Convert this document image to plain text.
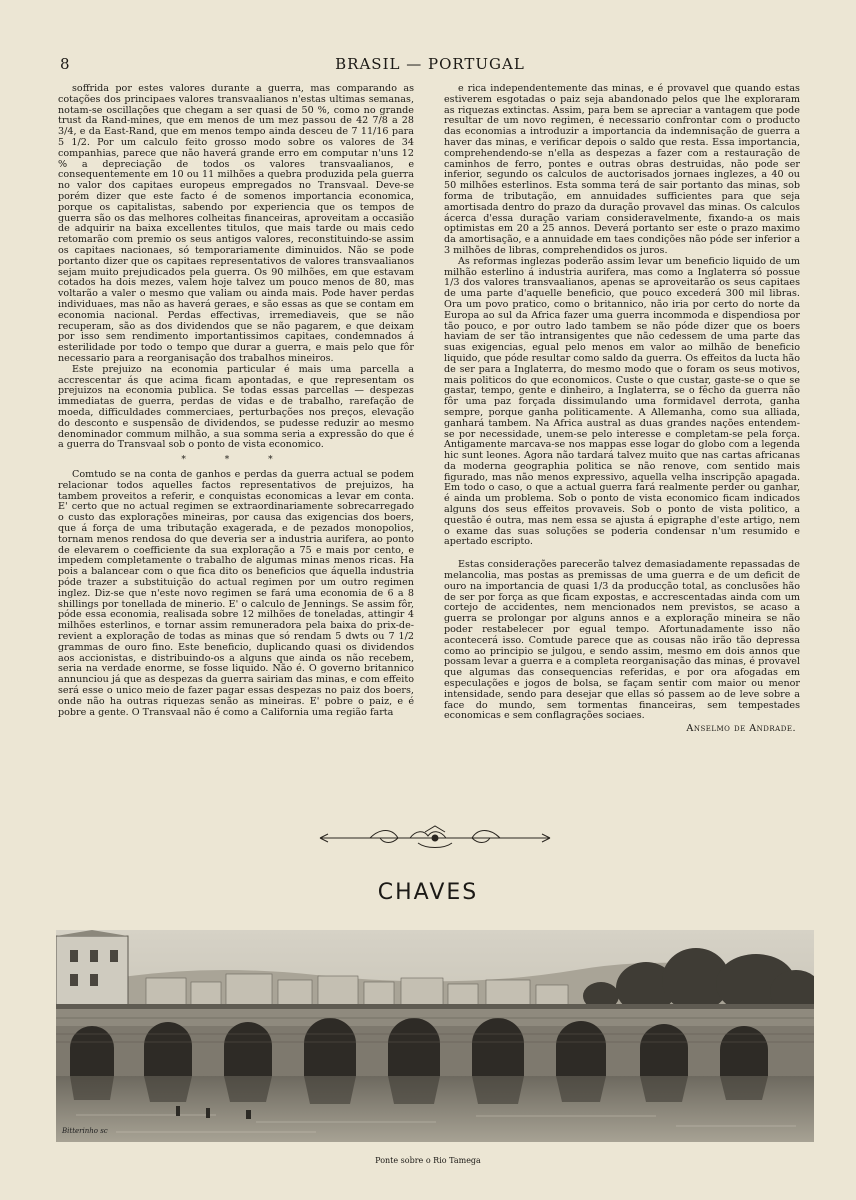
8	BRASIL — PORTUGAL

soffrida por estes valores durante a guerra, mas comparando as cotações dos principaes valores transvaalianos n'estas ultimas semanas, notam-se oscillações que chegam a ser quasi de 50 %, como no grande trust da Rand-mines, que em menos de um mez passou de 42 7/8 a 28 3/4, e da East-Rand, que em menos tempo ainda desceu de 7 11/16 para 5 1/2. Por um calculo feito grosso modo sobre os valores de 34 companhias, parece que não haverá grande erro em computar n'uns 12 % a depreciação de todos os valores transvaalianos, e consequentemente em 10 ou 11 milhões a quebra produzida pela guerra no valor dos capitaes europeus empregados no Transvaal. Deve-se porém dizer que este facto é de somenos importancia economica, porque os capitalistas, sabendo por experiencia que os tempos de guerra são os das melhores colheitas financeiras, aproveitam a occasião de adquirir na baixa excellentes titulos, que mais tarde ou mais cedo retomarão com premio os seus antigos valores, reconstituindo-se assim os capitaes nacionaes, só temporariamente diminuidos. Não se pode portanto dizer que os capitaes representativos de valores transvaalianos sejam muito prejudicados pela guerra. Os 90 milhões, em que estavam cotados ha dois mezes, valem hoje talvez um pouco menos de 80, mas voltarão a valer o mesmo que valiam ou ainda mais. Pode haver perdas individuaes, mas não as haverá geraes, e são essas as que se contam em economia nacional. Perdas effectivas, irremediaveis, que se não recuperam, são as dos dividendos que se não pagarem, e que deixam por isso sem rendimento importantissimos capitaes, condemnados á esterilidade por todo o tempo que durar a guerra, e mais pelo que fôr necessario para a reorganisação dos trabalhos mineiros.

Este prejuizo na economia particular é mais uma parcella a accrescentar ás que acima ficam apontadas, e que representam os prejuizos na economia publica. Se todas essas parcellas — despezas immediatas de guerra, perdas de vidas e de trabalho, rarefação de moeda, difficuldades commerciaes, perturbações nos preços, elevação do desconto e suspensão de dividendos, se pudesse reduzir ao mesmo denominador commum milhão, a sua somma seria a expressão do que é a guerra do Transvaal sob o ponto de vista economico.

* * *

Comtudo se na conta de ganhos e perdas da guerra actual se podem relacionar todos aquelles factos representativos de prejuizos, ha tambem proveitos a referir, e conquistas economicas a levar em conta. E' certo que no actual regimen se extraordinariamente sobrecarregado o custo das explorações mineiras, por causa das exigencias dos boers, que á força de uma tributação exagerada, e de pezados monopolios, tornam menos rendosa do que deveria ser a industria aurifera, ao ponto de elevarem o coefficiente da sua exploração a 75 e mais por cento, e impedem completamente o trabalho de algumas minas menos ricas. Ha pois a balancear com o que fica dito os beneficios que áquella industria póde trazer a substituição do actual regimen por um outro regimen inglez. Diz-se que n'este novo regimen se fará uma economia de 6 a 8 shillings por tonellada de minerio. E' o calculo de Jennings. Se assim fôr, póde essa economia, realisada sobre 12 milhões de toneladas, attingir 4 milhões esterlinos, e tornar assim remuneradora pela baixa do prix-de-revient a exploração de todas as minas que só rendam 5 dwts ou 7 1/2 grammas de ouro fino. Este beneficio, duplicando quasi os dividendos aos accionistas, e distribuindo-os a alguns que ainda os não recebem, seria na verdade enorme, se fosse liquido. Não é. O governo britannico annunciou já que as despezas da guerra sairiam das minas, e com effeito será esse o unico meio de fazer pagar essas despezas no paiz dos boers, onde não ha outras riquezas senão as mineiras. E' pobre o paiz, e é pobre a gente. O Transvaal não é como a California uma região farta

e rica independentemente das minas, e é provavel que quando estas estiverem esgotadas o paiz seja abandonado pelos que lhe exploraram as riquezas extinctas. Assim, para bem se apreciar a vantagem que pode resultar de um novo regimen, é necessario confrontar com o producto das economias a introduzir a importancia da indemnisação de guerra a haver das minas, e verificar depois o saldo que resta. Essa importancia, comprehendendo-se n'ella as despezas a fazer com a restauração de caminhos de ferro, pontes e outras obras destruidas, não pode ser inferior, segundo os calculos de auctorisados jornaes inglezes, a 40 ou 50 milhões esterlinos. Esta somma terá de sair portanto das minas, sob forma de tributação, em annuidades sufficientes para que seja amortisada dentro do prazo da duração provavel das minas. Os calculos ácerca d'essa duração variam consideravelmente, fixando-a os mais optimistas em 20 a 25 annos. Deverá portanto ser este o prazo maximo da amortisação, e a annuidade em taes condições não póde ser inferior a 3 milhões de libras, comprehendidos os juros.

As reformas inglezas poderão assim levar um beneficio liquido de um milhão esterlino á industria aurifera, mas como a Inglaterra só possue 1/3 dos valores transvaalianos, apenas se aproveitarão os seus capitaes de uma parte d'aquelle beneficio, que pouco excederá 300 mil libras. Ora um povo pratico, como o britannico, não iria por certo do norte da Europa ao sul da Africa fazer uma guerra incommoda e dispendiosa por tão pouco, e por outro lado tambem se não póde dizer que os boers haviam de ser tão intransigentes que não cedessem de uma parte das suas exigencias, egual pelo menos em valor ao milhão de beneficio liquido, que póde resultar como saldo da guerra. Os effeitos da lucta hão de ser para a Inglaterra, do mesmo modo que o foram os seus motivos, mais politicos do que economicos. Custe o que custar, gaste-se o que se gastar, tempo, gente e dinheiro, a Inglaterra, se o fêcho da guerra não fôr uma paz forçada dissimulando uma formidavel derrota, ganha sempre, porque ganha politicamente. A Allemanha, como sua alliada, ganhará tambem. Na Africa austral as duas grandes nações entendem-se por necessidade, unem-se pelo interesse e completam-se pela força. Antigamente marcava-se nos mappas esse logar do globo com a legenda hic sunt leones. Agora não tardará talvez muito que nas cartas africanas da moderna geographia politica se não renove, com sentido mais figurado, mas não menos expressivo, aquella velha inscripção apagada. Em todo o caso, o que a actual guerra fará realmente perder ou ganhar, é ainda um problema. Sob o ponto de vista economico ficam indicados alguns dos seus effeitos provaveis. Sob o ponto de vista politico, a questão é outra, mas nem essa se ajusta á epigraphe d'este artigo, nem o exame das suas soluções se poderia condensar n'um resumido e apertado escripto.

Estas considerações parecerão talvez demasiadamente repassadas de melancolia, mas postas as premissas de uma guerra e de um deficit de ouro na importancia de quasi 1/3 da producção total, as conclusões hão de ser por força as que ficam expostas, e accrescentadas ainda com um cortejo de accidentes, nem mencionados nem previstos, se acaso a guerra se prolongar por alguns annos e a exploração mineira se não poder restabelecer por egual tempo. Afortunadamente isso não acontecerá isso. Comtude parece que as cousas não irão tão depressa como ao principio se julgou, e sendo assim, mesmo em dois annos que possam levar a guerra e a completa reorganisação das minas, é provavel que algumas das consequencias referidas, e por ora afogadas em especulações e jogos de bolsa, se façam sentir com maior ou menor intensidade, sendo para desejar que ellas só passem ao de leve sobre a face do mundo, sem tormentas financeiras, sem tempestades economicas e sem conflagrações sociaes.

Anselmo de Andrade.
CHAVES
Bitterinho sc
Ponte sobre o Rio Tamega
